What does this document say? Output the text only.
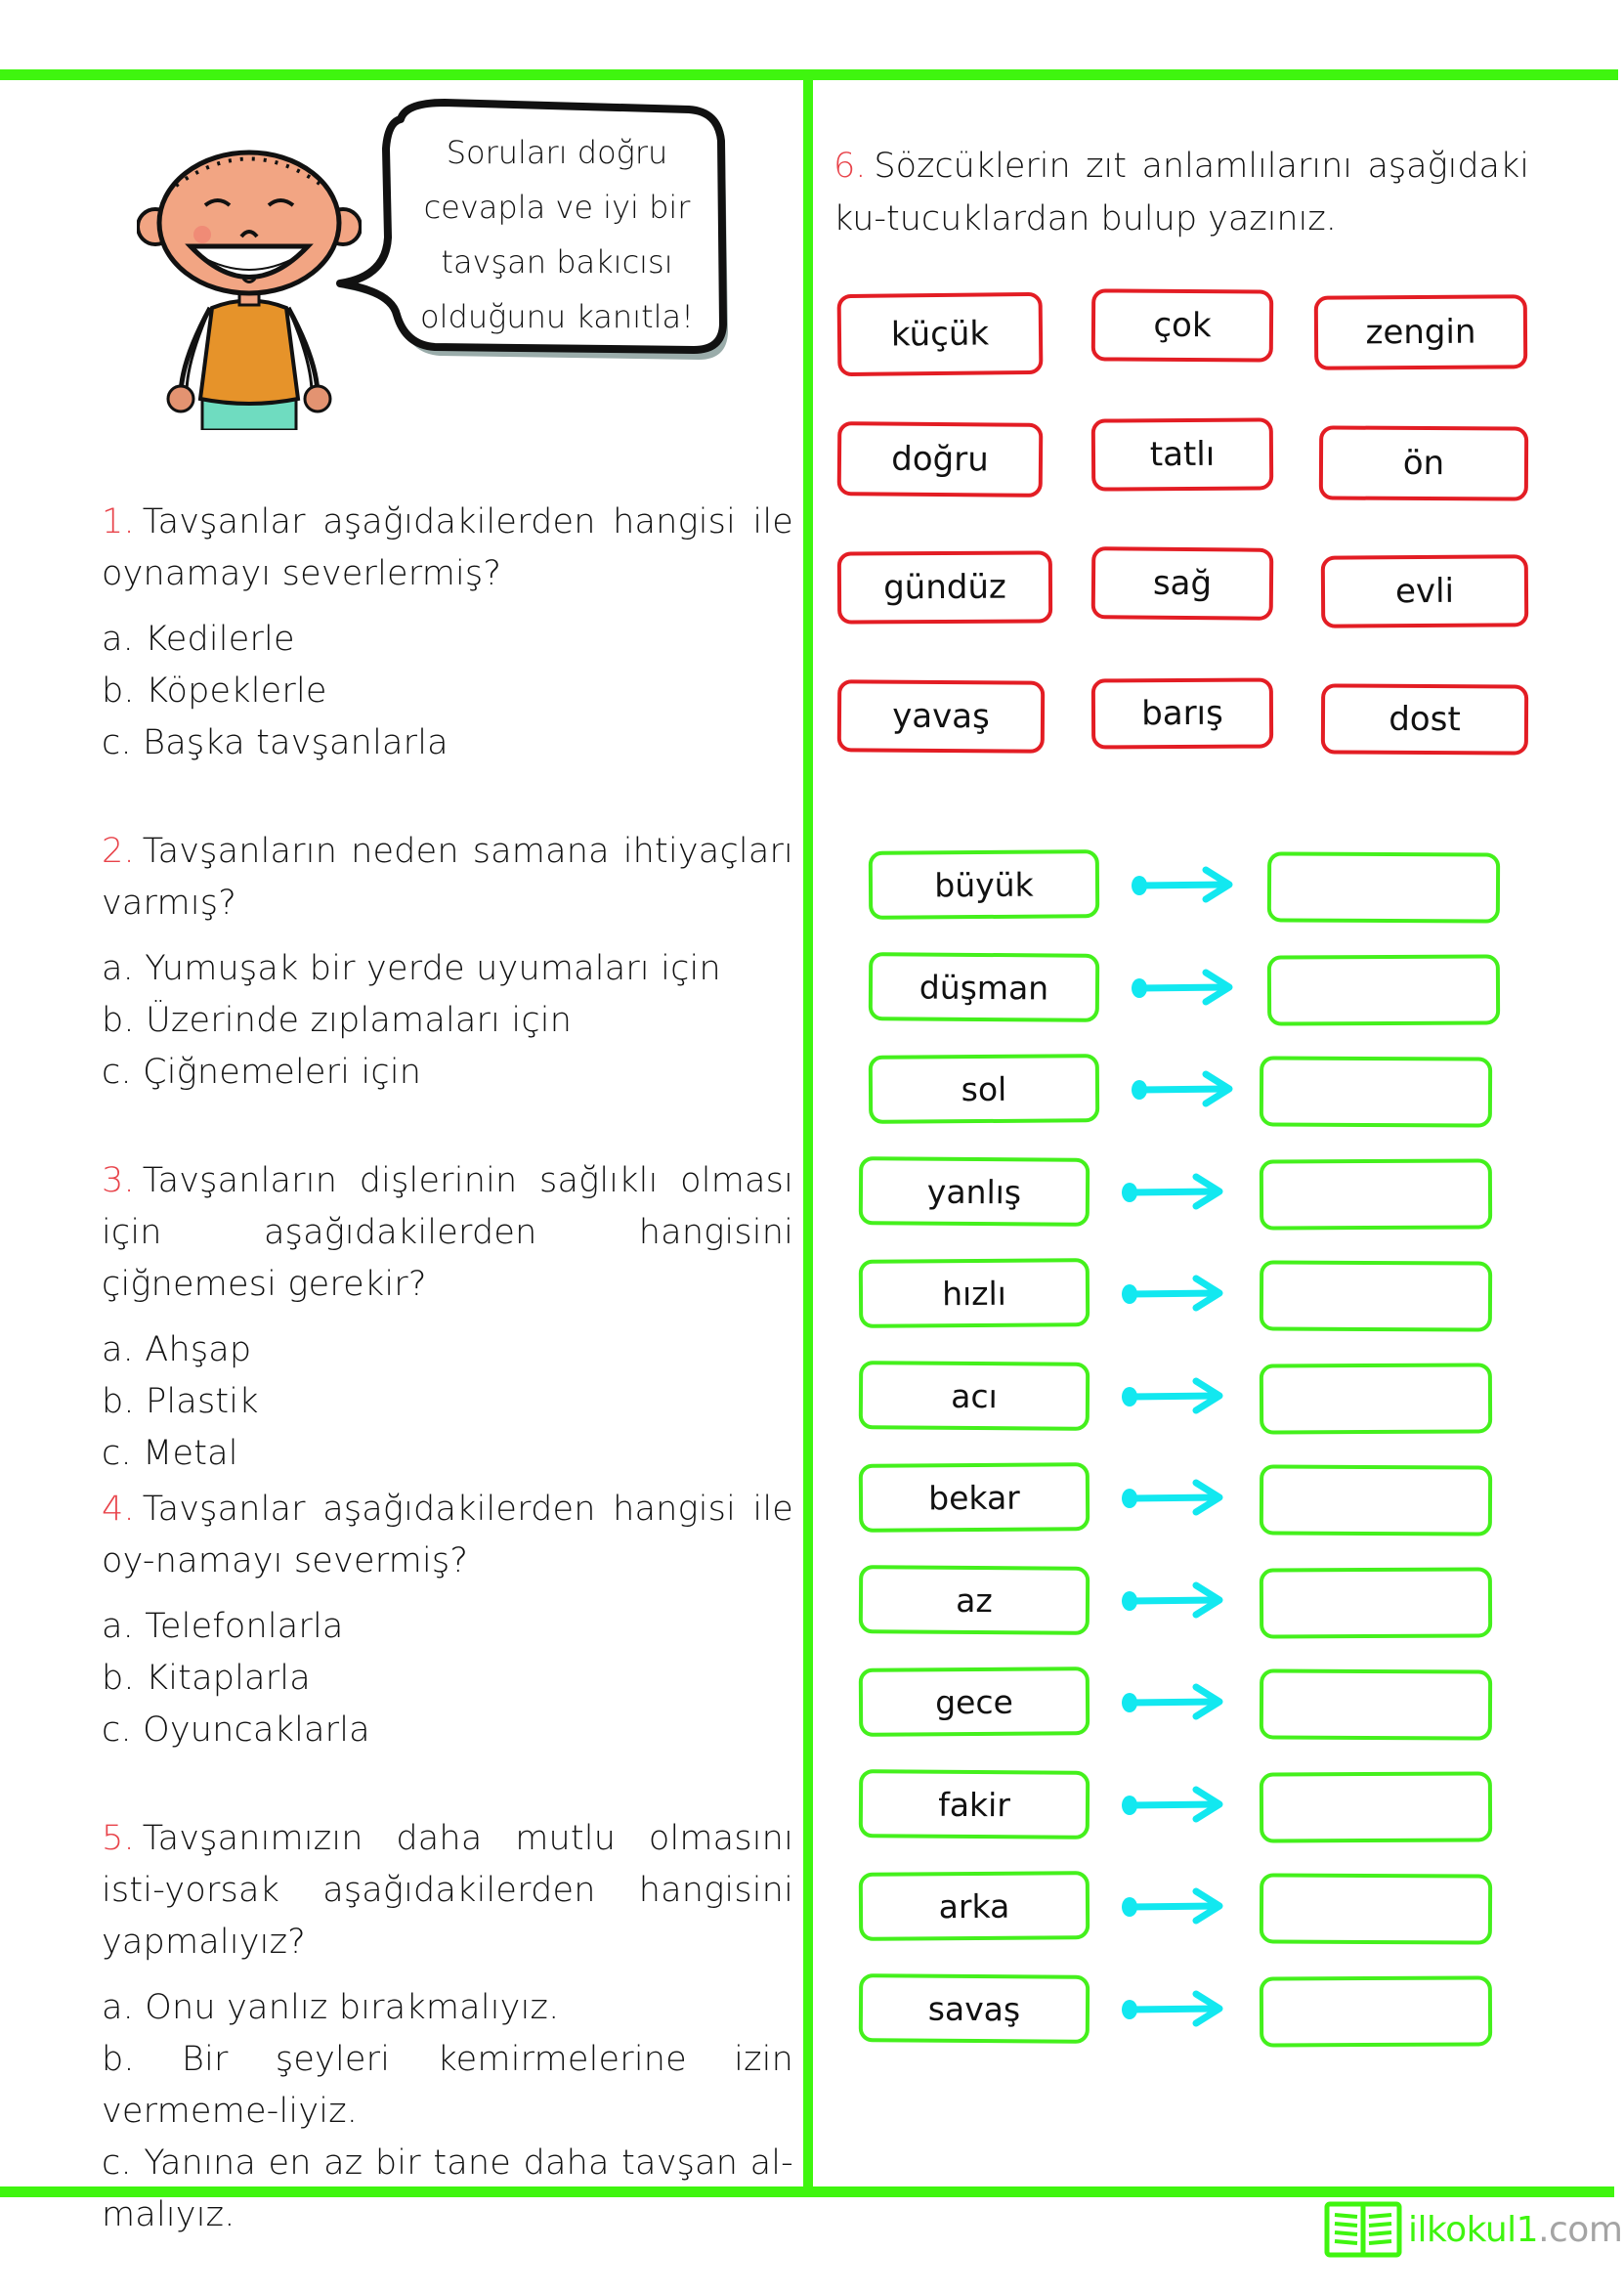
Soruları doğru
cevapla ve iyi bir
tavşan bakıcısı
olduğunu kanıtla!
1. Tavşanlar aşağıdakilerden hangisi ile oynamayı severlermiş?
a. Kedilerle
b. Köpeklerle
c. Başka tavşanlarla
2. Tavşanların neden samana ihtiyaçları varmış?
a. Yumuşak bir yerde uyumaları için
b. Üzerinde zıplamaları için
c. Çiğnemeleri için
3. Tavşanların dişlerinin sağlıklı olması için aşağıdakilerden hangisini çiğnemesi gerekir?
a. Ahşap
b. Plastik
c. Metal
4. Tavşanlar aşağıdakilerden hangisi ile oy-namayı severmiş?
a. Telefonlarla
b. Kitaplarla
c. Oyuncaklarla
5. Tavşanımızın daha mutlu olmasını isti-yorsak aşağıdakilerden hangisini yapmalıyız?
a. Onu yanlız bırakmalıyız.
b. Bir şeyleri kemirmelerine izin vermeme-liyiz.
c. Yanına en az bir tane daha tavşan al-malıyız.
6. Sözcüklerin zıt anlamlılarını aşağıdaki ku-tucuklardan bulup yazınız.
küçük	çok	zengin
doğru	tatlı	ön
gündüz	sağ	evli
yavaş	barış	dost
büyük
düşman
sol
yanlış
hızlı
acı
bekar
az
gece
fakir
arka
savaş
ilkokul1 .com
